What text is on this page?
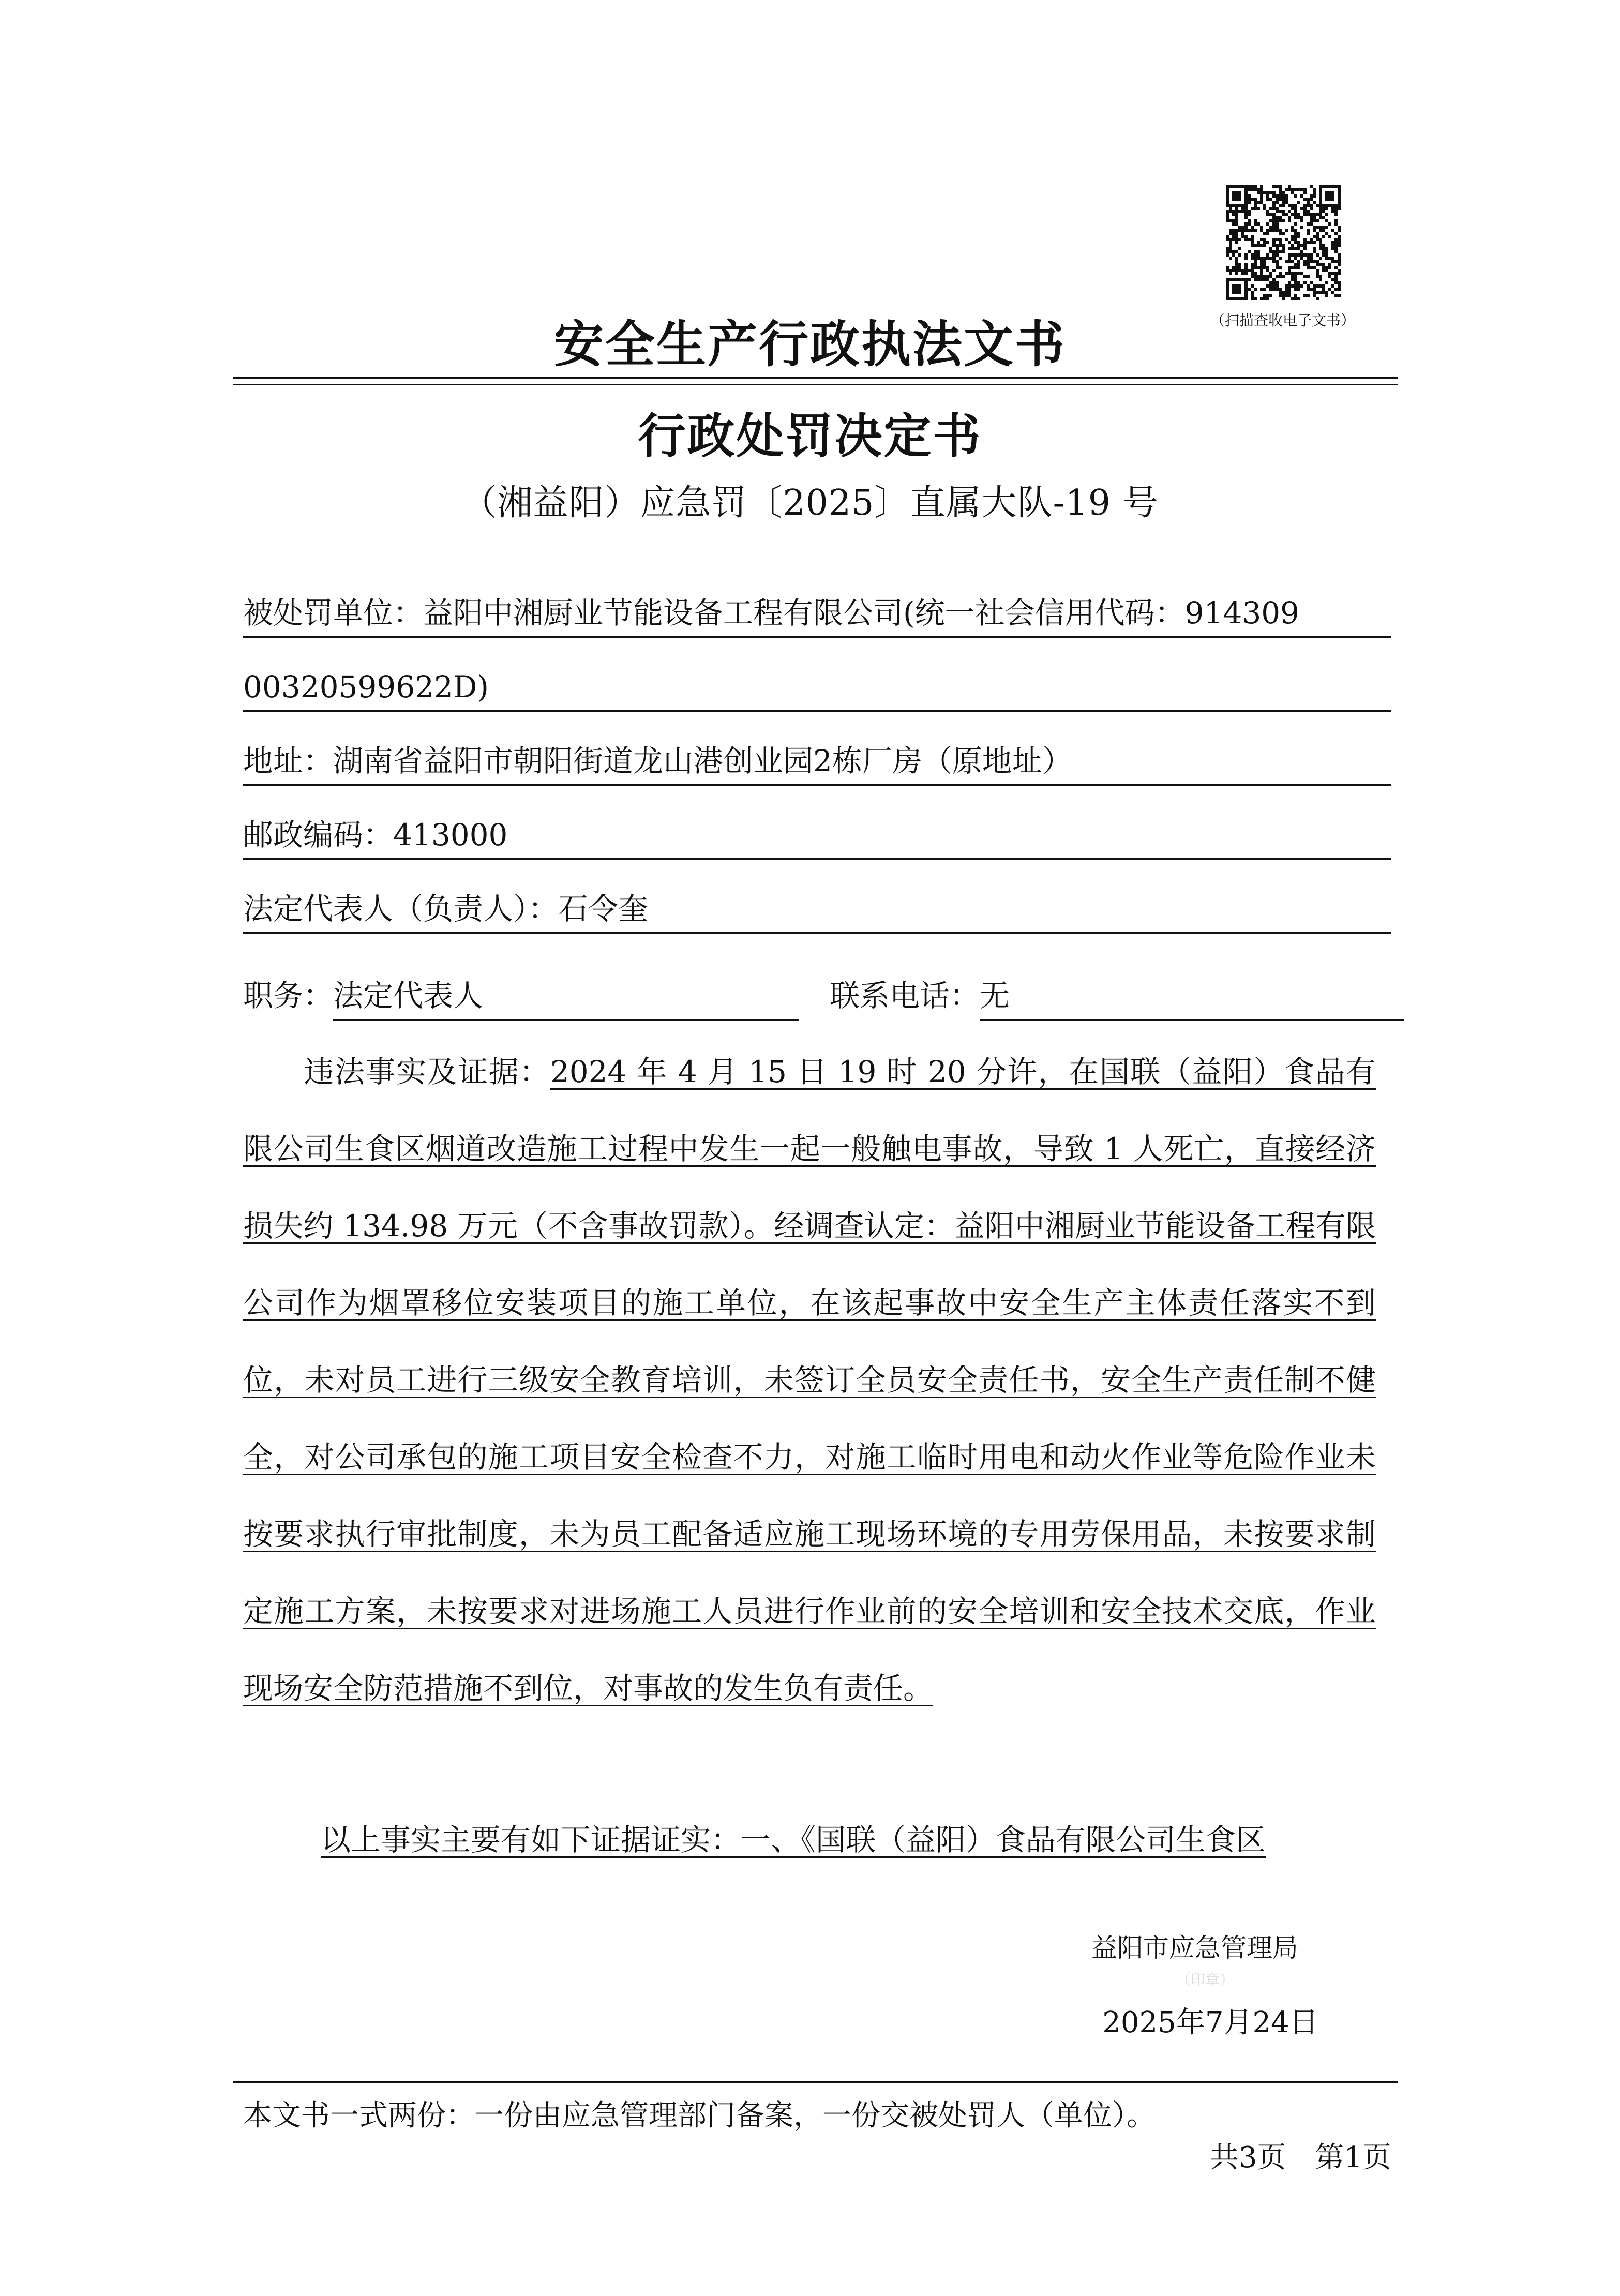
（扫描查收电子文书）
安全生产行政执法文书
行政处罚决定书
（湘益阳）应急罚〔2025〕直属大队-19 号
被处罚单位：益阳中湘厨业节能设备工程有限公司(统一社会信用代码：914309
00320599622D)
地址：湖南省益阳市朝阳街道龙山港创业园2栋厂房（原地址）
邮政编码：413000
法定代表人（负责人）：石令奎
职务：法定代表人	联系电话：无
违法事实及证据：2024 年 4 月 15 日 19 时 20 分许，在国联（益阳）食品有限公司生食区烟道改造施工过程中发生一起一般触电事故，导致 1 人死亡，直接经济损失约 134.98 万元（不含事故罚款）。经调查认定：益阳中湘厨业节能设备工程有限公司作为烟罩移位安装项目的施工单位，在该起事故中安全生产主体责任落实不到位，未对员工进行三级安全教育培训，未签订全员安全责任书，安全生产责任制不健全，对公司承包的施工项目安全检查不力，对施工临时用电和动火作业等危险作业未按要求执行审批制度，未为员工配备适应施工现场环境的专用劳保用品，未按要求制定施工方案，未按要求对进场施工人员进行作业前的安全培训和安全技术交底，作业现场安全防范措施不到位，对事故的发生负有责任。
以上事实主要有如下证据证实：一、《国联（益阳）食品有限公司生食区
益阳市应急管理局
（印章）
2025年7月24日
本文书一式两份：一份由应急管理部门备案，一份交被处罚人（单位）。
共3页　第1页
